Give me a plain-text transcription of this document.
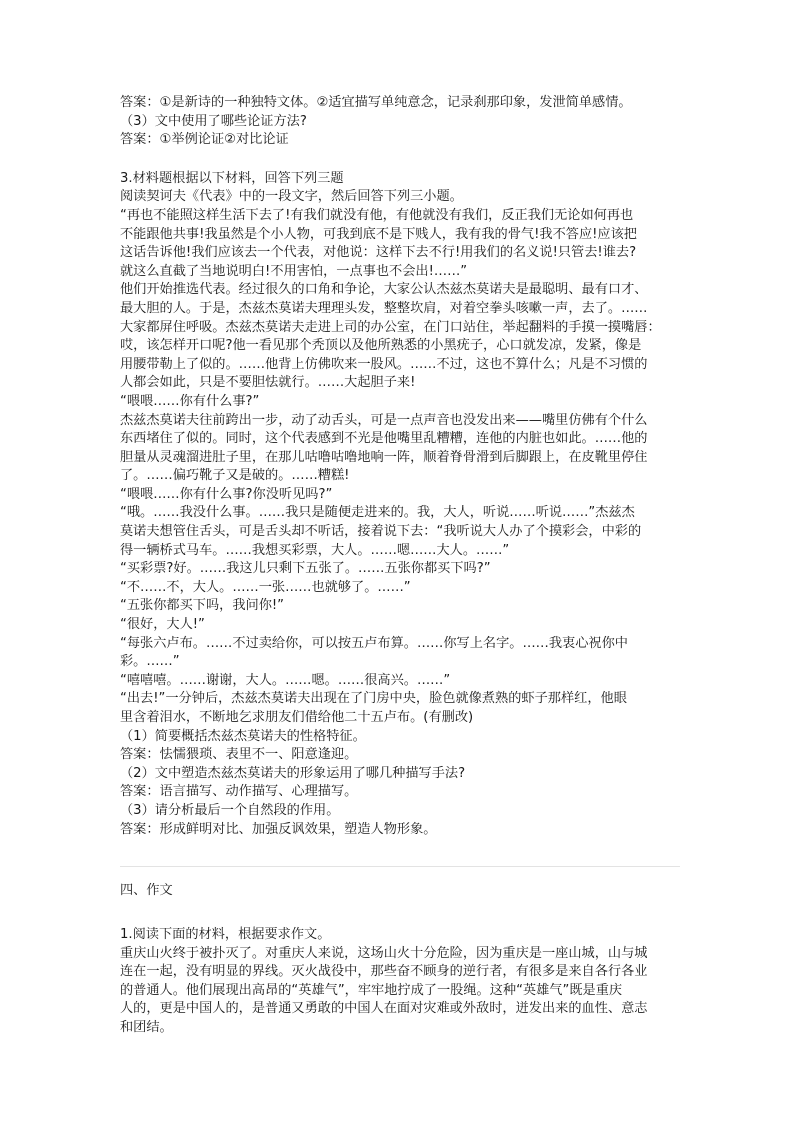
答案：①是新诗的一种独特文体。②适宜描写单纯意念，记录刹那印象，发泄简单感情。
（3）文中使用了哪些论证方法?
答案：①举例论证②对比论证
3.材料题根据以下材料，回答下列三题
阅读契诃夫《代表》中的一段文字，然后回答下列三小题。
“再也不能照这样生活下去了!有我们就没有他，有他就没有我们，反正我们无论如何再也
不能跟他共事!我虽然是个小人物，可我到底不是下贱人，我有我的骨气!我不答应!应该把
这话告诉他!我们应该去一个代表，对他说：这样下去不行!用我们的名义说!只管去!谁去?
就这么直截了当地说明白!不用害怕，一点事也不会出!……”
他们开始推选代表。经过很久的口角和争论，大家公认杰兹杰莫诺夫是最聪明、最有口才、
最大胆的人。于是，杰兹杰莫诺夫理理头发，整整坎肩，对着空拳头咳嗽一声，去了。……
大家都屏住呼吸。杰兹杰莫诺夫走进上司的办公室，在门口站住，举起翻料的手摸一摸嘴唇：
哎，该怎样开口呢?他一看见那个秃顶以及他所熟悉的小黑疣子，心口就发凉，发紧，像是
用腰带勒上了似的。……他背上仿佛吹来一股风。……不过，这也不算什么；凡是不习惯的
人都会如此，只是不要胆怯就行。……大起胆子来!
“喂喂……你有什么事?”
杰兹杰莫诺夫往前跨出一步，动了动舌头，可是一点声音也没发出来——嘴里仿佛有个什么
东西堵住了似的。同时，这个代表感到不光是他嘴里乱糟糟，连他的内脏也如此。……他的
胆量从灵魂溜进肚子里，在那儿咕噜咕噜地响一阵，顺着脊骨滑到后脚跟上，在皮靴里停住
了。……偏巧靴子又是破的。……糟糕!
“喂喂……你有什么事?你没听见吗?”
“哦。……我没什么事。……我只是随便走进来的。我，大人，听说……听说……”杰兹杰
莫诺夫想管住舌头，可是舌头却不听话，接着说下去：“我听说大人办了个摸彩会，中彩的
得一辆桥式马车。……我想买彩票，大人。……嗯……大人。……”
“买彩票?好。……我这儿只剩下五张了。……五张你都买下吗?”
“不……不，大人。……一张……也就够了。……”
“五张你都买下吗，我问你!”
“很好，大人!”
“每张六卢布。……不过卖给你，可以按五卢布算。……你写上名字。……我衷心祝你中
彩。……”
“嘻嘻嘻。……谢谢，大人。……嗯。……很高兴。……”
“出去!”一分钟后，杰兹杰莫诺夫出现在了门房中央，脸色就像煮熟的虾子那样红，他眼
里含着泪水，不断地乞求朋友们借给他二十五卢布。(有删改)
（1）简要概括杰兹杰莫诺夫的性格特征。
答案：怯懦猥琐、表里不一、阳意逢迎。
（2）文中塑造杰兹杰莫诺夫的形象运用了哪几种描写手法?
答案：语言描写、动作描写、心理描写。
（3）请分析最后一个自然段的作用。
答案：形成鲜明对比、加强反讽效果，塑造人物形象。
四、作文
1.阅读下面的材料，根据要求作文。
重庆山火终于被扑灭了。对重庆人来说，这场山火十分危险，因为重庆是一座山城，山与城
连在一起，没有明显的界线。灭火战役中，那些奋不顾身的逆行者，有很多是来自各行各业
的普通人。他们展现出高昂的“英雄气”，牢牢地拧成了一股绳。这种“英雄气”既是重庆
人的，更是中国人的，是普通又勇敢的中国人在面对灾难或外敌时，迸发出来的血性、意志
和团结。
